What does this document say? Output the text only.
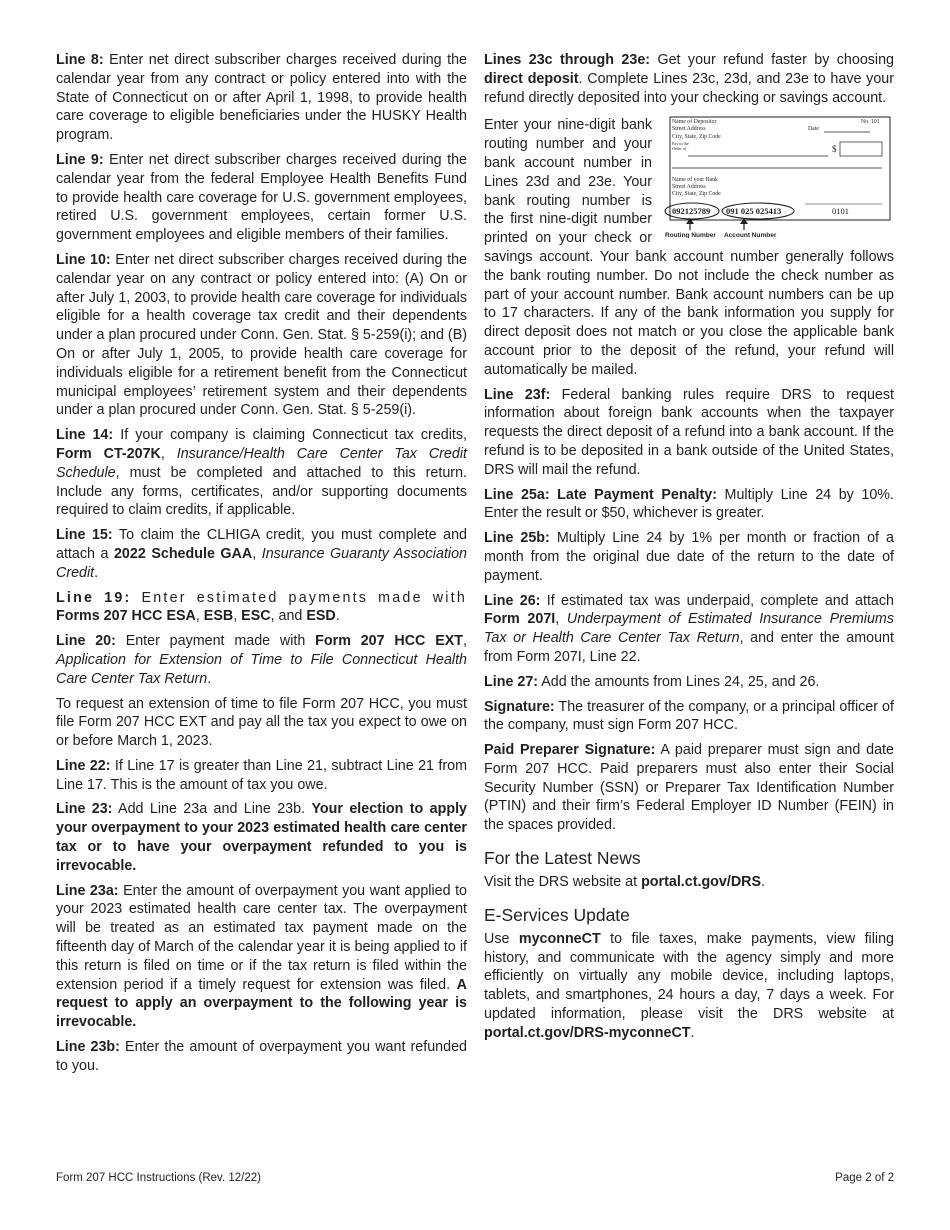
Line 8: Enter net direct subscriber charges received during the calendar year from any contract or policy entered into with the State of Connecticut on or after April 1, 1998, to provide health care coverage to eligible beneficiaries under the HUSKY Health program.

Line 9: Enter net direct subscriber charges received during the calendar year from the federal Employee Health Benefits Fund to provide health care coverage for U.S. government employees, retired U.S. government employees, certain former U.S. government employees and eligible members of their families.

Line 10: Enter net direct subscriber charges received during the calendar year on any contract or policy entered into: (A) On or after July 1, 2003, to provide health care coverage for individuals eligible for a health coverage tax credit and their dependents under a plan procured under Conn. Gen. Stat. § 5-259(i); and (B) On or after July 1, 2005, to provide health care coverage for individuals eligible for a retirement benefit from the Connecticut municipal employees’ retirement system and their dependents under a plan procured under Conn. Gen. Stat. § 5-259(i).

Line 14: If your company is claiming Connecticut tax credits, Form CT-207K, Insurance/Health Care Center Tax Credit Schedule, must be completed and attached to this return. Include any forms, certificates, and/or supporting documents required to claim credits, if applicable.

Line 15: To claim the CLHIGA credit, you must complete and attach a 2022 Schedule GAA, Insurance Guaranty Association Credit.

Line 19: Enter estimated payments made with Forms 207 HCC ESA, ESB, ESC, and ESD.

Line 20: Enter payment made with Form 207 HCC EXT, Application for Extension of Time to File Connecticut Health Care Center Tax Return.

To request an extension of time to file Form 207 HCC, you must file Form 207 HCC EXT and pay all the tax you expect to owe on or before March 1, 2023.

Line 22: If Line 17 is greater than Line 21, subtract Line 21 from Line 17. This is the amount of tax you owe.

Line 23: Add Line 23a and Line 23b. Your election to apply your overpayment to your 2023 estimated health care center tax or to have your overpayment refunded to you is irrevocable.

Line 23a: Enter the amount of overpayment you want applied to your 2023 estimated health care center tax. The overpayment will be treated as an estimated tax payment made on the fifteenth day of March of the calendar year it is being applied to if this return is filed on time or if the tax return is filed within the extension period if a timely request for extension was filed. A request to apply an overpayment to the following year is irrevocable.

Line 23b: Enter the amount of overpayment you want refunded to you.

Lines 23c through 23e: Get your refund faster by choosing direct deposit. Complete Lines 23c, 23d, and 23e to have your refund directly deposited into your checking or savings account.

Name of Depositor
Street Address
City, State, Zip Code
No. 101
Date
Pay to the
Order of	$
Name of your Bank
Street Address
City, State, Zip Code
092125789 091 025 025413	0101
Routing Number Account Number
Enter your nine-digit bank routing number and your bank account number in Lines 23d and 23e. Your bank routing number is the first nine-digit number printed on your check or savings account. Your bank account number generally follows the bank routing number. Do not include the check number as part of your account number. Bank account numbers can be up to 17 characters. If any of the bank information you supply for direct deposit does not match or you close the applicable bank account prior to the deposit of the refund, your refund will automatically be mailed.

Line 23f: Federal banking rules require DRS to request information about foreign bank accounts when the taxpayer requests the direct deposit of a refund into a bank account. If the refund is to be deposited in a bank outside of the United States, DRS will mail the refund.

Line 25a: Late Payment Penalty: Multiply Line 24 by 10%. Enter the result or $50, whichever is greater.

Line 25b: Multiply Line 24 by 1% per month or fraction of a month from the original due date of the return to the date of payment.

Line 26: If estimated tax was underpaid, complete and attach Form 207I, Underpayment of Estimated Insurance Premiums Tax or Health Care Center Tax Return, and enter the amount from Form 207I, Line 22.

Line 27: Add the amounts from Lines 24, 25, and 26.

Signature: The treasurer of the company, or a principal officer of the company, must sign Form 207 HCC.

Paid Preparer Signature: A paid preparer must sign and date Form 207 HCC. Paid preparers must also enter their Social Security Number (SSN) or Preparer Tax Identification Number (PTIN) and their firm’s Federal Employer ID Number (FEIN) in the spaces provided.

For the Latest News

Visit the DRS website at portal.ct.gov/DRS.

E-Services Update

Use myconneCT to file taxes, make payments, view filing history, and communicate with the agency simply and more efficiently on virtually any mobile device, including laptops, tablets, and smartphones, 24 hours a day, 7 days a week. For updated information, please visit the DRS website at portal.ct.gov/DRS-myconneCT.

Form 207 HCC Instructions (Rev. 12/22)	Page 2 of 2
